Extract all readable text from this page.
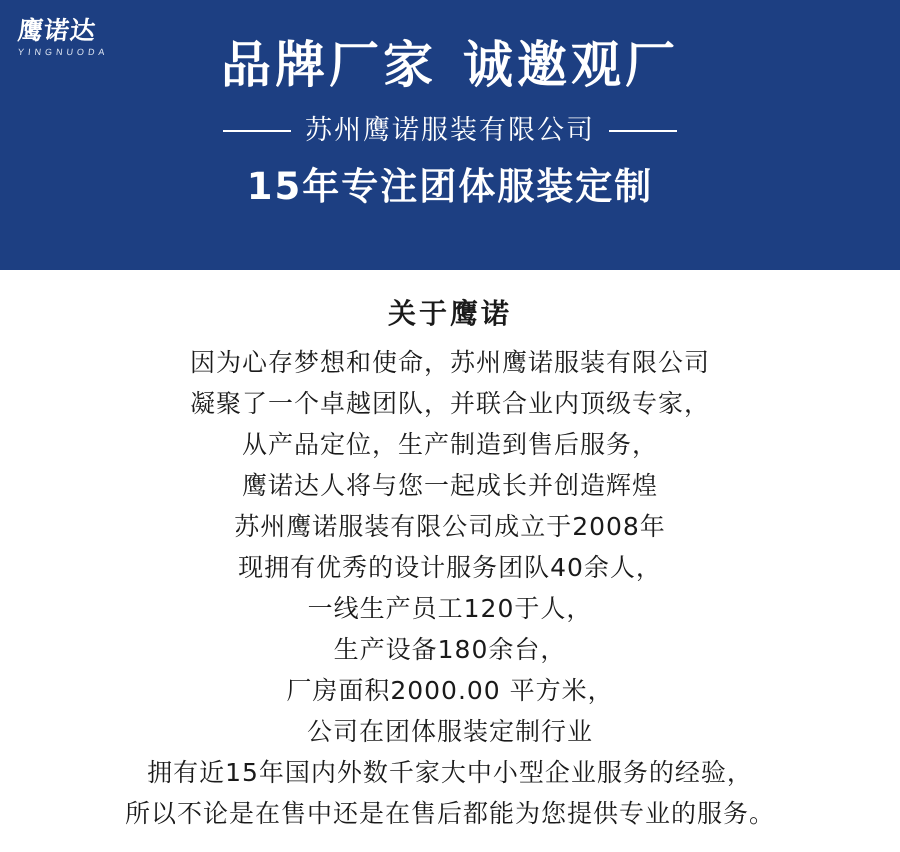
鹰诺达
YINGNUODA	品牌厂家 诚邀观厂
苏州鹰诺服装有限公司
15年专注团体服装定制
关于鹰诺
因为心存梦想和使命，苏州鹰诺服装有限公司
凝聚了一个卓越团队，并联合业内顶级专家，
从产品定位，生产制造到售后服务，
鹰诺达人将与您一起成长并创造辉煌
苏州鹰诺服装有限公司成立于2008年
现拥有优秀的设计服务团队40余人，
一线生产员工120于人，
生产设备180余台，
厂房面积2000.00 平方米，
公司在团体服装定制行业
拥有近15年国内外数千家大中小型企业服务的经验，
所以不论是在售中还是在售后都能为您提供专业的服务。
